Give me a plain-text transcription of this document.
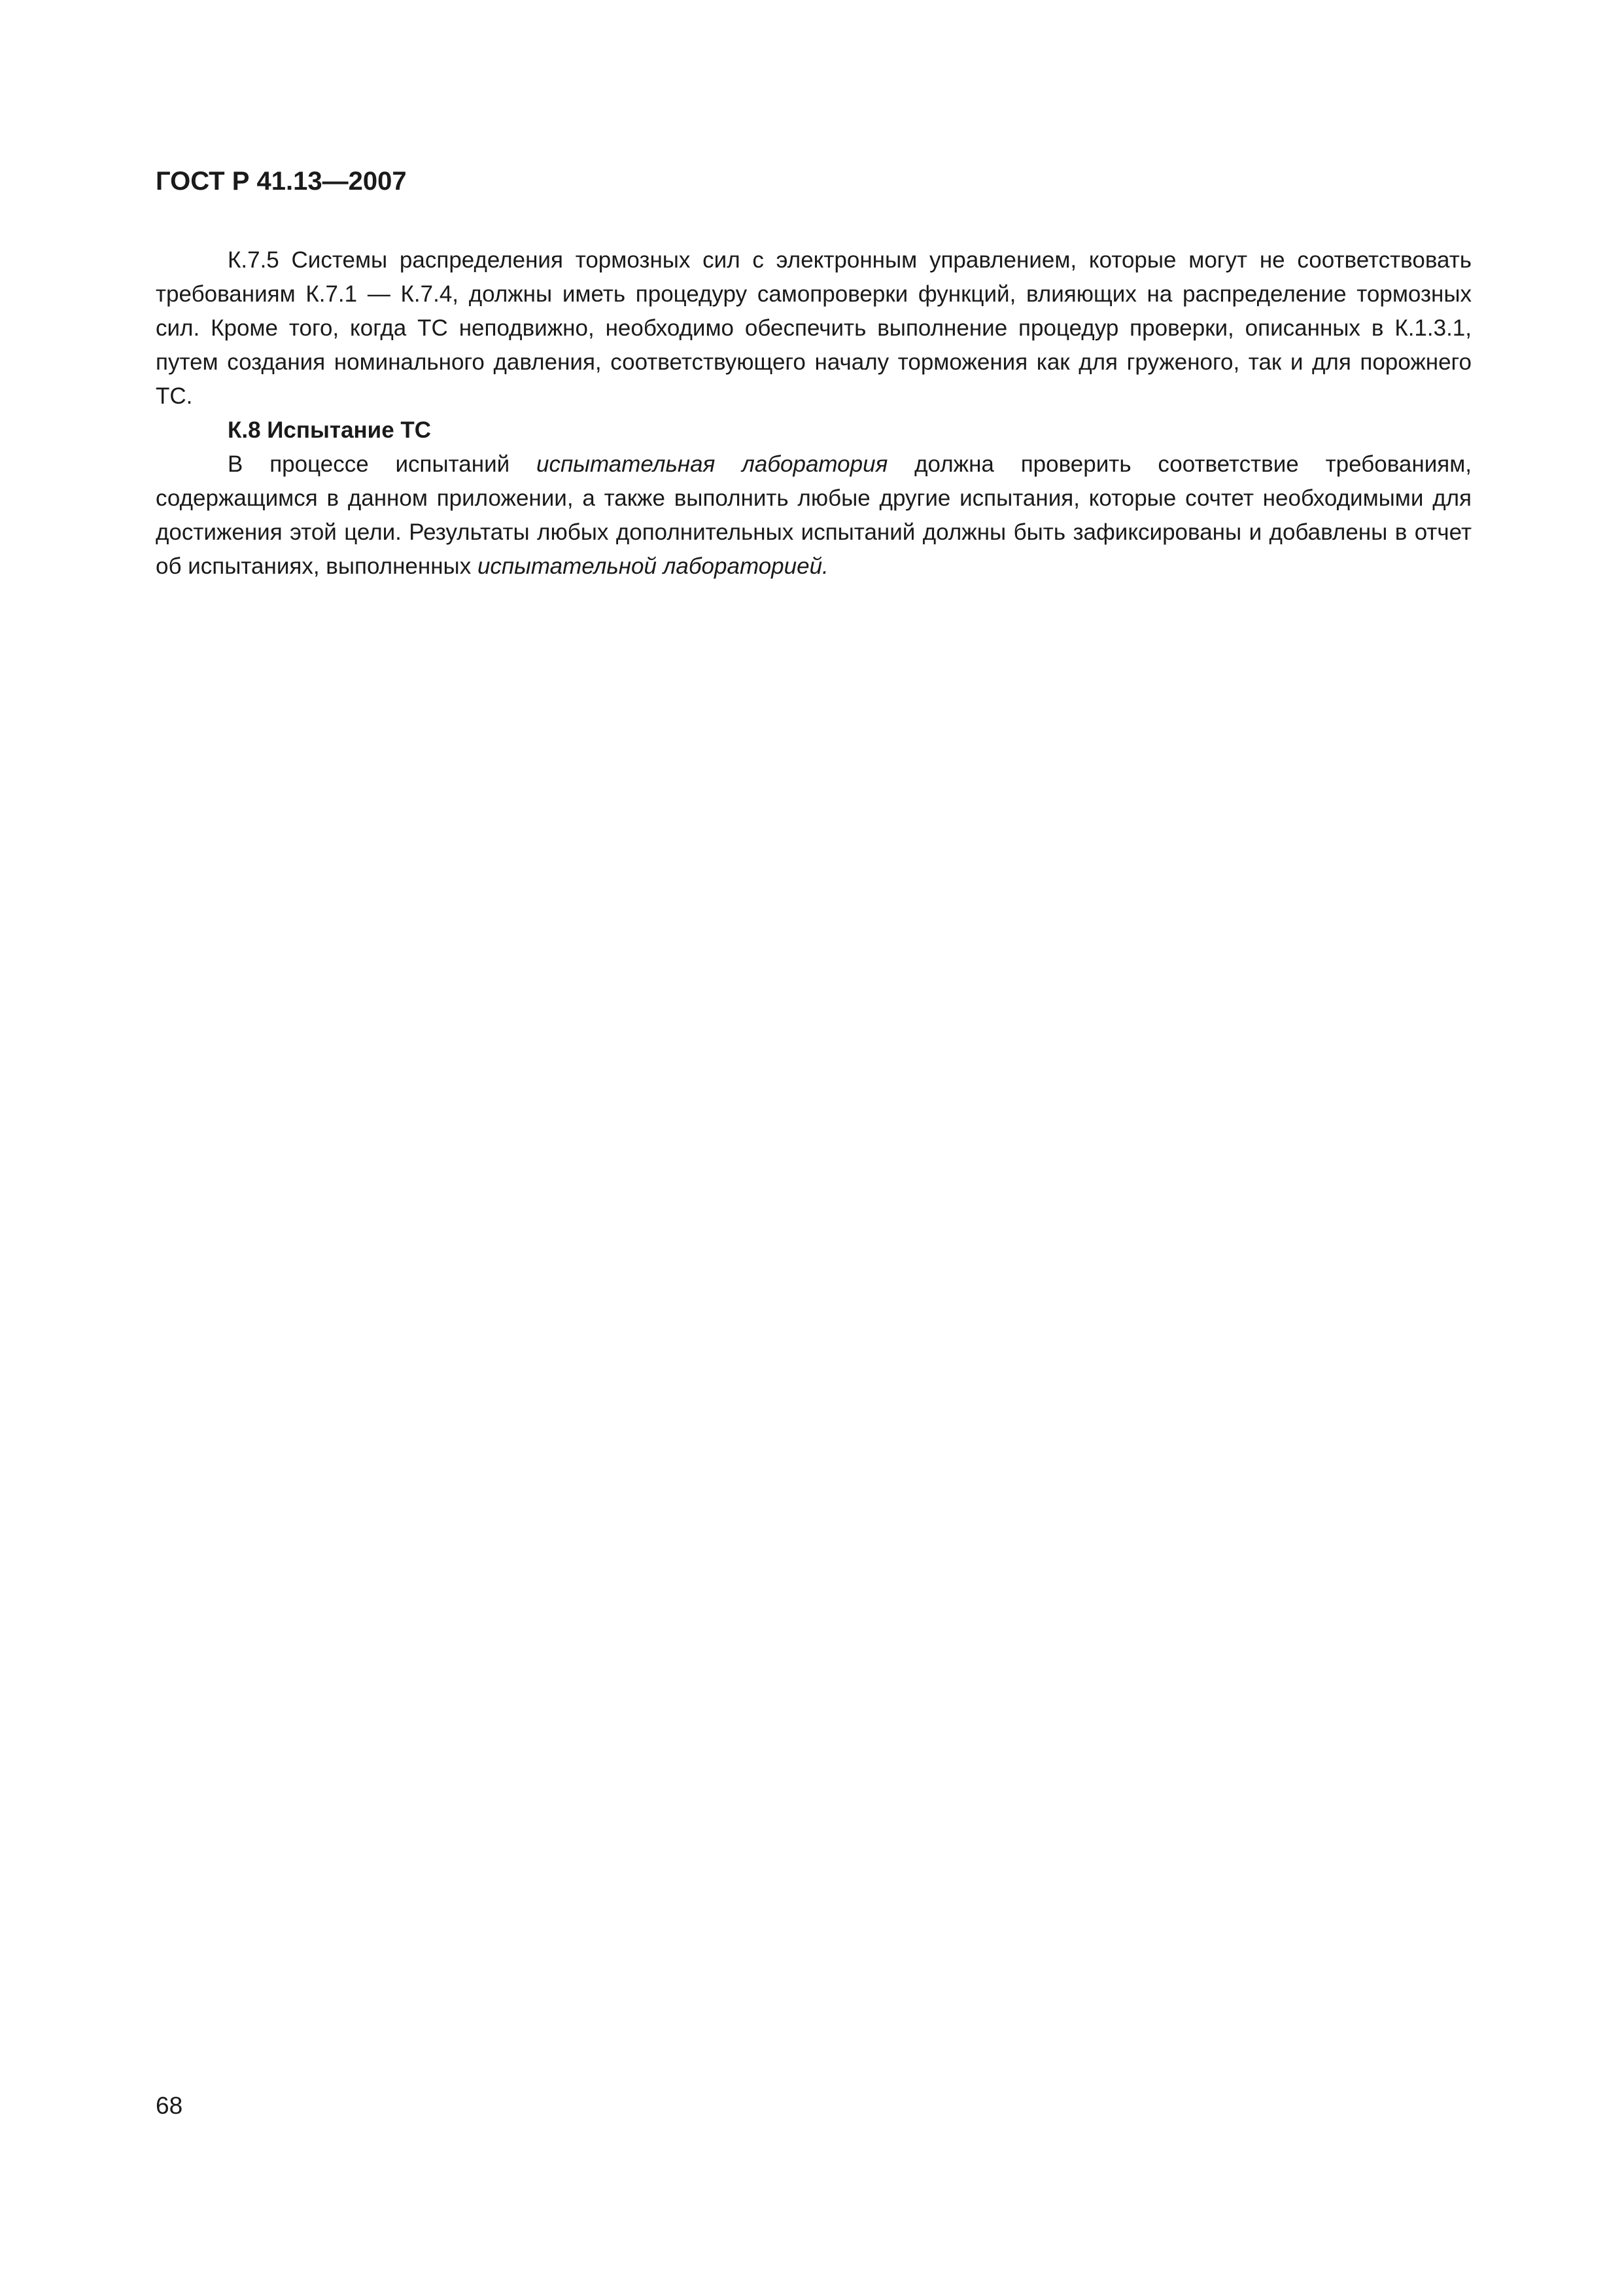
ГОСТ Р 41.13—2007

К.7.5 Системы распределения тормозных сил с электронным управлением, которые могут не соответствовать требованиям К.7.1 — К.7.4, должны иметь процедуру самопроверки функций, влияющих на распределение тормозных сил. Кроме того, когда ТС неподвижно, необходимо обеспечить выполнение процедур проверки, описанных в К.1.3.1, путем создания номинального давления, соответствующего началу торможения как для груженого, так и для порожнего ТС.

К.8 Испытание ТС

В процессе испытаний испытательная лаборатория должна проверить соответствие требованиям, содержащимся в данном приложении, а также выполнить любые другие испытания, которые сочтет необходимыми для достижения этой цели. Результаты любых дополнительных испытаний должны быть зафиксированы и добавлены в отчет об испытаниях, выполненных испытательной лабораторией.

68
